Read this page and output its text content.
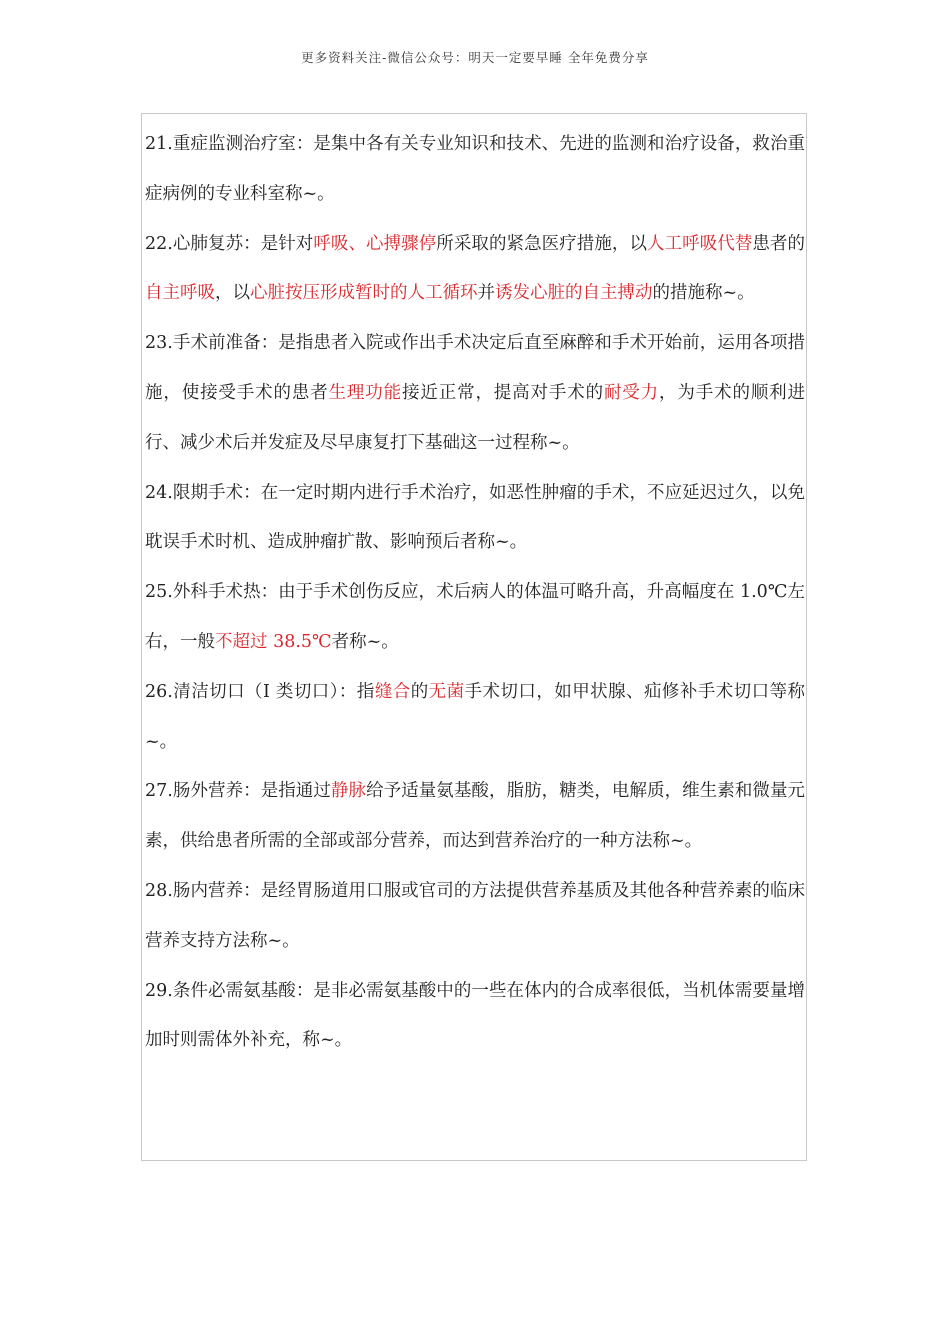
更多资料关注-微信公众号：明天一定要早睡 全年免费分享

21.重症监测治疗室：是集中各有关专业知识和技术、先进的监测和治疗设备，救治重症病例的专业科室称~。

22.心肺复苏：是针对呼吸、心搏骤停所采取的紧急医疗措施，以人工呼吸代替患者的自主呼吸，以心脏按压形成暂时的人工循环并诱发心脏的自主搏动的措施称~。

23.手术前准备：是指患者入院或作出手术决定后直至麻醉和手术开始前，运用各项措施，使接受手术的患者生理功能接近正常，提高对手术的耐受力，为手术的顺利进行、减少术后并发症及尽早康复打下基础这一过程称~。

24.限期手术：在一定时期内进行手术治疗，如恶性肿瘤的手术，不应延迟过久，以免耽误手术时机、造成肿瘤扩散、影响预后者称~。

25.外科手术热：由于手术创伤反应，术后病人的体温可略升高，升高幅度在 1.0℃左右，一般不超过 38.5℃者称~。

26.清洁切口（I 类切口）：指缝合的无菌手术切口，如甲状腺、疝修补手术切口等称~。

27.肠外营养：是指通过静脉给予适量氨基酸，脂肪，糖类，电解质，维生素和微量元素，供给患者所需的全部或部分营养，而达到营养治疗的一种方法称~。

28.肠内营养：是经胃肠道用口服或官司的方法提供营养基质及其他各种营养素的临床营养支持方法称~。

29.条件必需氨基酸：是非必需氨基酸中的一些在体内的合成率很低，当机体需要量增加时则需体外补充，称~。
